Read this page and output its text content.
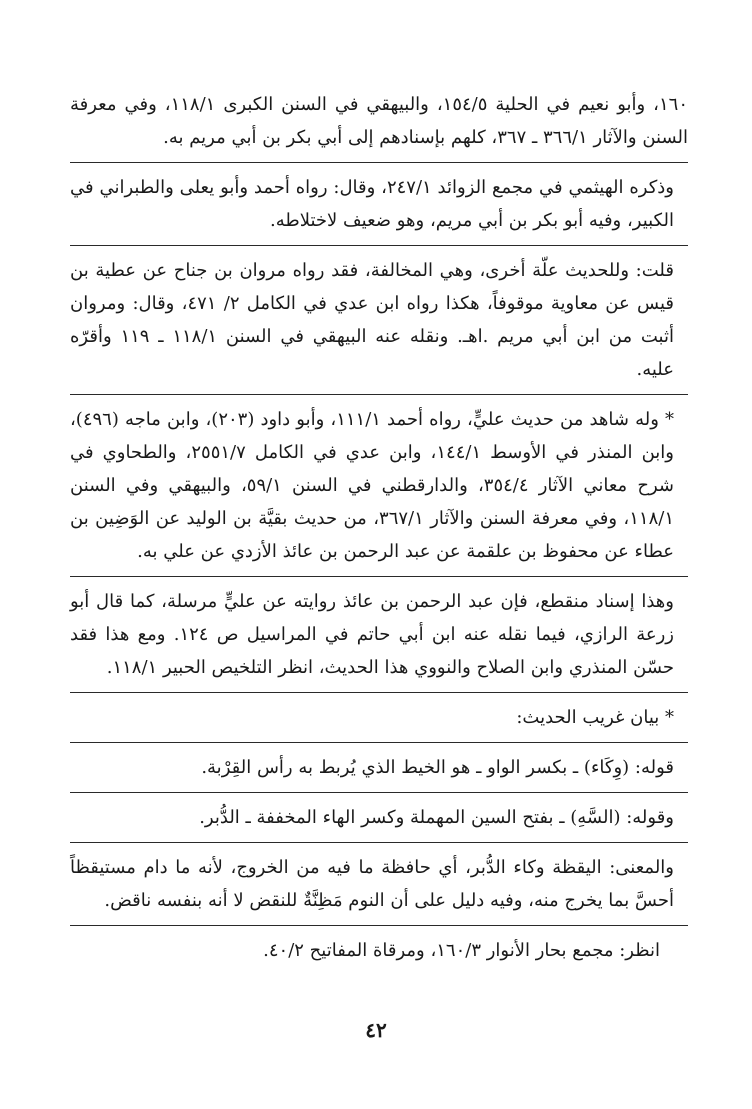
١٦٠، وأبو نعيم في الحلية ١٥٤/٥، والبيهقي في السنن الكبرى ١١٨/١، وفي معرفة السنن والآثار ٣٦٦/١ ـ ٣٦٧، كلهم بإسنادهم إلى أبي بكر بن أبي مريم به.

وذكره الهيثمي في مجمع الزوائد ٢٤٧/١، وقال: رواه أحمد وأبو يعلى والطبراني في الكبير، وفيه أبو بكر بن أبي مريم، وهو ضعيف لاختلاطه.

قلت: وللحديث علّة أخرى، وهي المخالفة، فقد رواه مروان بن جناح عن عطية بن قيس عن معاوية موقوفاً، هكذا رواه ابن عدي في الكامل ٢/ ٤٧١، وقال: ومروان أثبت من ابن أبي مريم .اهـ. ونقله عنه البيهقي في السنن ١١٨/١ ـ ١١٩ وأقرّه عليه.

* وله شاهد من حديث عليٍّ، رواه أحمد ١١١/١، وأبو داود (٢٠٣)، وابن ماجه (٤٩٦)، وابن المنذر في الأوسط ١٤٤/١، وابن عدي في الكامل ٢٥٥١/٧، والطحاوي في شرح معاني الآثار ٣٥٤/٤، والدارقطني في السنن ٥٩/١، والبيهقي وفي السنن ١١٨/١، وفي معرفة السنن والآثار ٣٦٧/١، من حديث بقيَّة بن الوليد عن الوَضِين بن عطاء عن محفوظ بن علقمة عن عبد الرحمن بن عائذ الأزدي عن علي به.

وهذا إسناد منقطع، فإن عبد الرحمن بن عائذ روايته عن عليٍّ مرسلة، كما قال أبو زرعة الرازي، فيما نقله عنه ابن أبي حاتم في المراسيل ص ١٢٤. ومع هذا فقد حسّن المنذري وابن الصلاح والنووي هذا الحديث، انظر التلخيص الحبير ١١٨/١.

* بيان غريب الحديث:

قوله: (وِكَاء) ـ بكسر الواو ـ هو الخيط الذي يُربط به رأس القِرْبة.

وقوله: (السَّهِ) ـ بفتح السين المهملة وكسر الهاء المخففة ـ الدُّبر.

والمعنى: اليقظة وكاء الدُّبر، أي حافظة ما فيه من الخروج، لأنه ما دام مستيقظاً أحسَّ بما يخرج منه، وفيه دليل على أن النوم مَظِنَّةٌ للنقض لا أنه بنفسه ناقض.

انظر: مجمع بحار الأنوار ١٦٠/٣، ومرقاة المفاتيح ٤٠/٢.

٤٢
